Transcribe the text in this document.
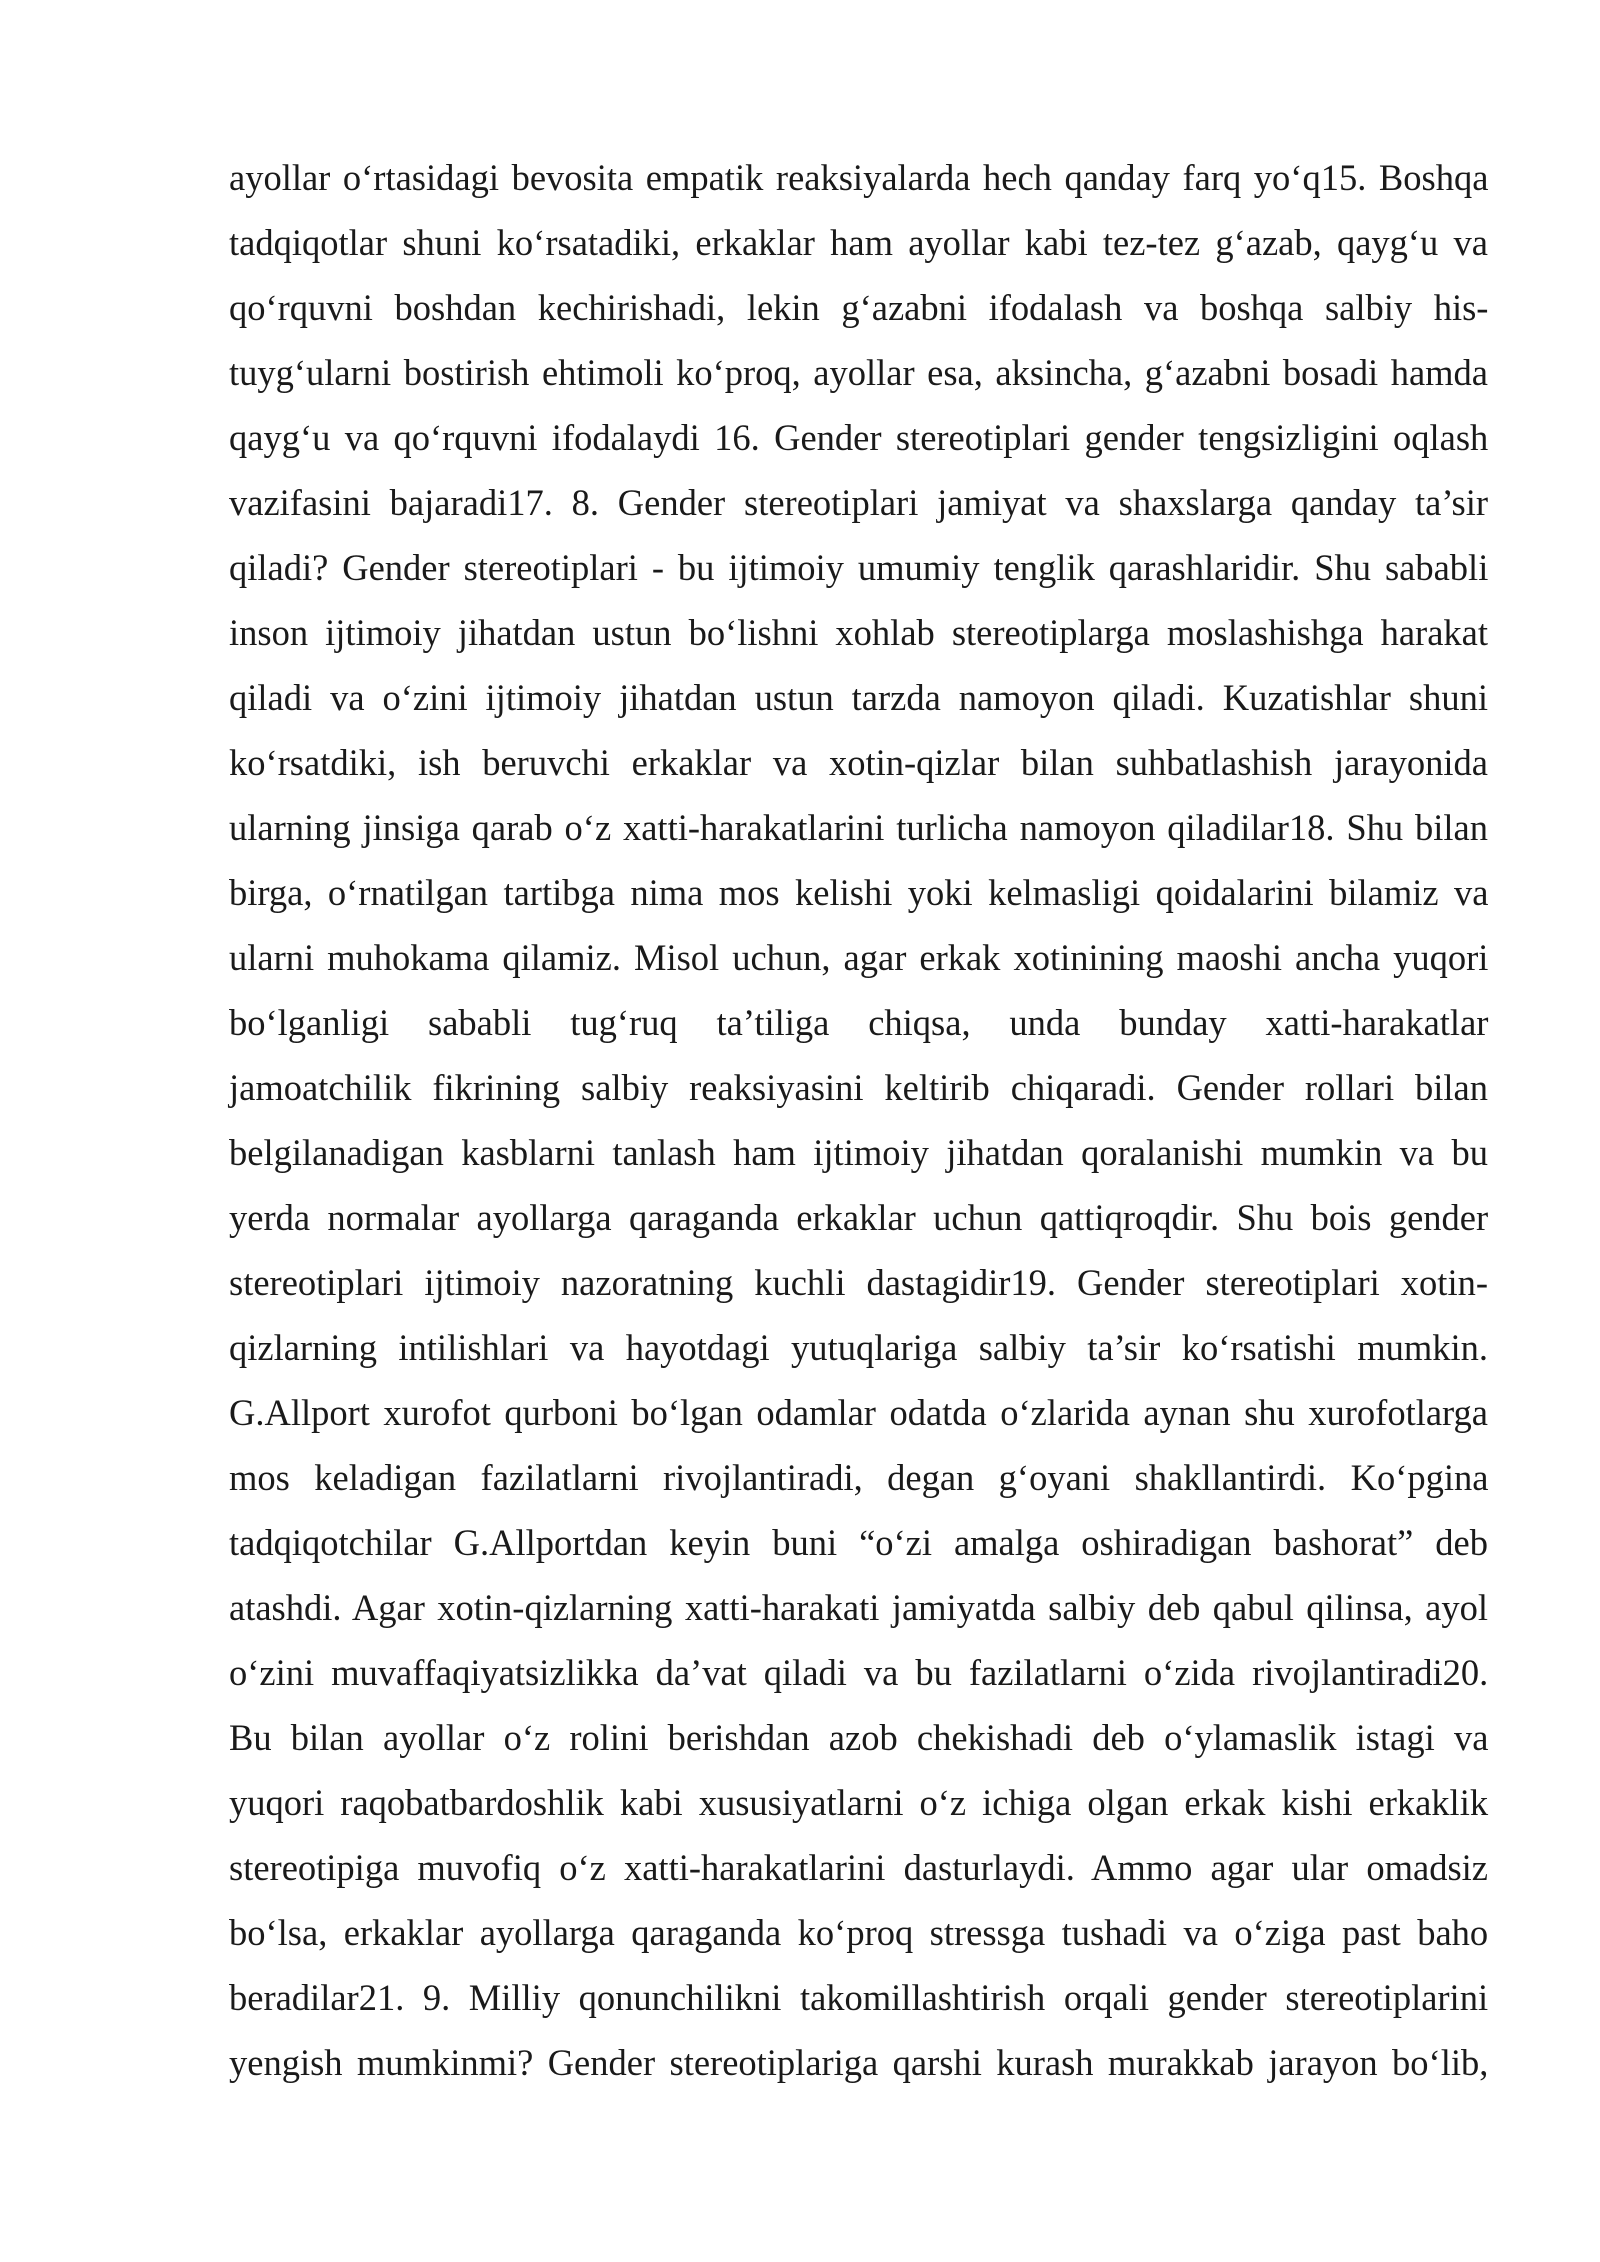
ayollar o‘rtasidagi bevosita empatik reaksiyalarda hech qanday farq yo‘q15. Boshqa
tadqiqotlar shuni ko‘rsatadiki, erkaklar ham ayollar kabi tez-tez g‘azab, qayg‘u va
qo‘rquvni boshdan kechirishadi, lekin g‘azabni ifodalash va boshqa salbiy his-
tuyg‘ularni bostirish ehtimoli ko‘proq, ayollar esa, aksincha, g‘azabni bosadi hamda
qayg‘u va qo‘rquvni ifodalaydi 16. Gender stereotiplari gender tengsizligini oqlash
vazifasini bajaradi17. 8. Gender stereotiplari jamiyat va shaxslarga qanday ta’sir
qiladi? Gender stereotiplari - bu ijtimoiy umumiy tenglik qarashlaridir. Shu sababli
inson ijtimoiy jihatdan ustun bo‘lishni xohlab stereotiplarga moslashishga harakat
qiladi va o‘zini ijtimoiy jihatdan ustun tarzda namoyon qiladi. Kuzatishlar shuni
ko‘rsatdiki, ish beruvchi erkaklar va xotin-qizlar bilan suhbatlashish jarayonida
ularning jinsiga qarab o‘z xatti-harakatlarini turlicha namoyon qiladilar18. Shu bilan
birga, o‘rnatilgan tartibga nima mos kelishi yoki kelmasligi qoidalarini bilamiz va
ularni muhokama qilamiz. Misol uchun, agar erkak xotinining maoshi ancha yuqori
bo‘lganligi sababli tug‘ruq ta’tiliga chiqsa, unda bunday xatti-harakatlar
jamoatchilik fikrining salbiy reaksiyasini keltirib chiqaradi. Gender rollari bilan
belgilanadigan kasblarni tanlash ham ijtimoiy jihatdan qoralanishi mumkin va bu
yerda normalar ayollarga qaraganda erkaklar uchun qattiqroqdir. Shu bois gender
stereotiplari ijtimoiy nazoratning kuchli dastagidir19. Gender stereotiplari xotin-
qizlarning intilishlari va hayotdagi yutuqlariga salbiy ta’sir ko‘rsatishi mumkin.
G.Allport xurofot qurboni bo‘lgan odamlar odatda o‘zlarida aynan shu xurofotlarga
mos keladigan fazilatlarni rivojlantiradi, degan g‘oyani shakllantirdi. Ko‘pgina
tadqiqotchilar G.Allportdan keyin buni “o‘zi amalga oshiradigan bashorat” deb
atashdi. Agar xotin-qizlarning xatti-harakati jamiyatda salbiy deb qabul qilinsa, ayol
o‘zini muvaffaqiyatsizlikka da’vat qiladi va bu fazilatlarni o‘zida rivojlantiradi20.
Bu bilan ayollar o‘z rolini berishdan azob chekishadi deb o‘ylamaslik istagi va
yuqori raqobatbardoshlik kabi xususiyatlarni o‘z ichiga olgan erkak kishi erkaklik
stereotipiga muvofiq o‘z xatti-harakatlarini dasturlaydi. Ammo agar ular omadsiz
bo‘lsa, erkaklar ayollarga qaraganda ko‘proq stressga tushadi va o‘ziga past baho
beradilar21. 9. Milliy qonunchilikni takomillashtirish orqali gender stereotiplarini
yengish mumkinmi? Gender stereotiplariga qarshi kurash murakkab jarayon bo‘lib,
